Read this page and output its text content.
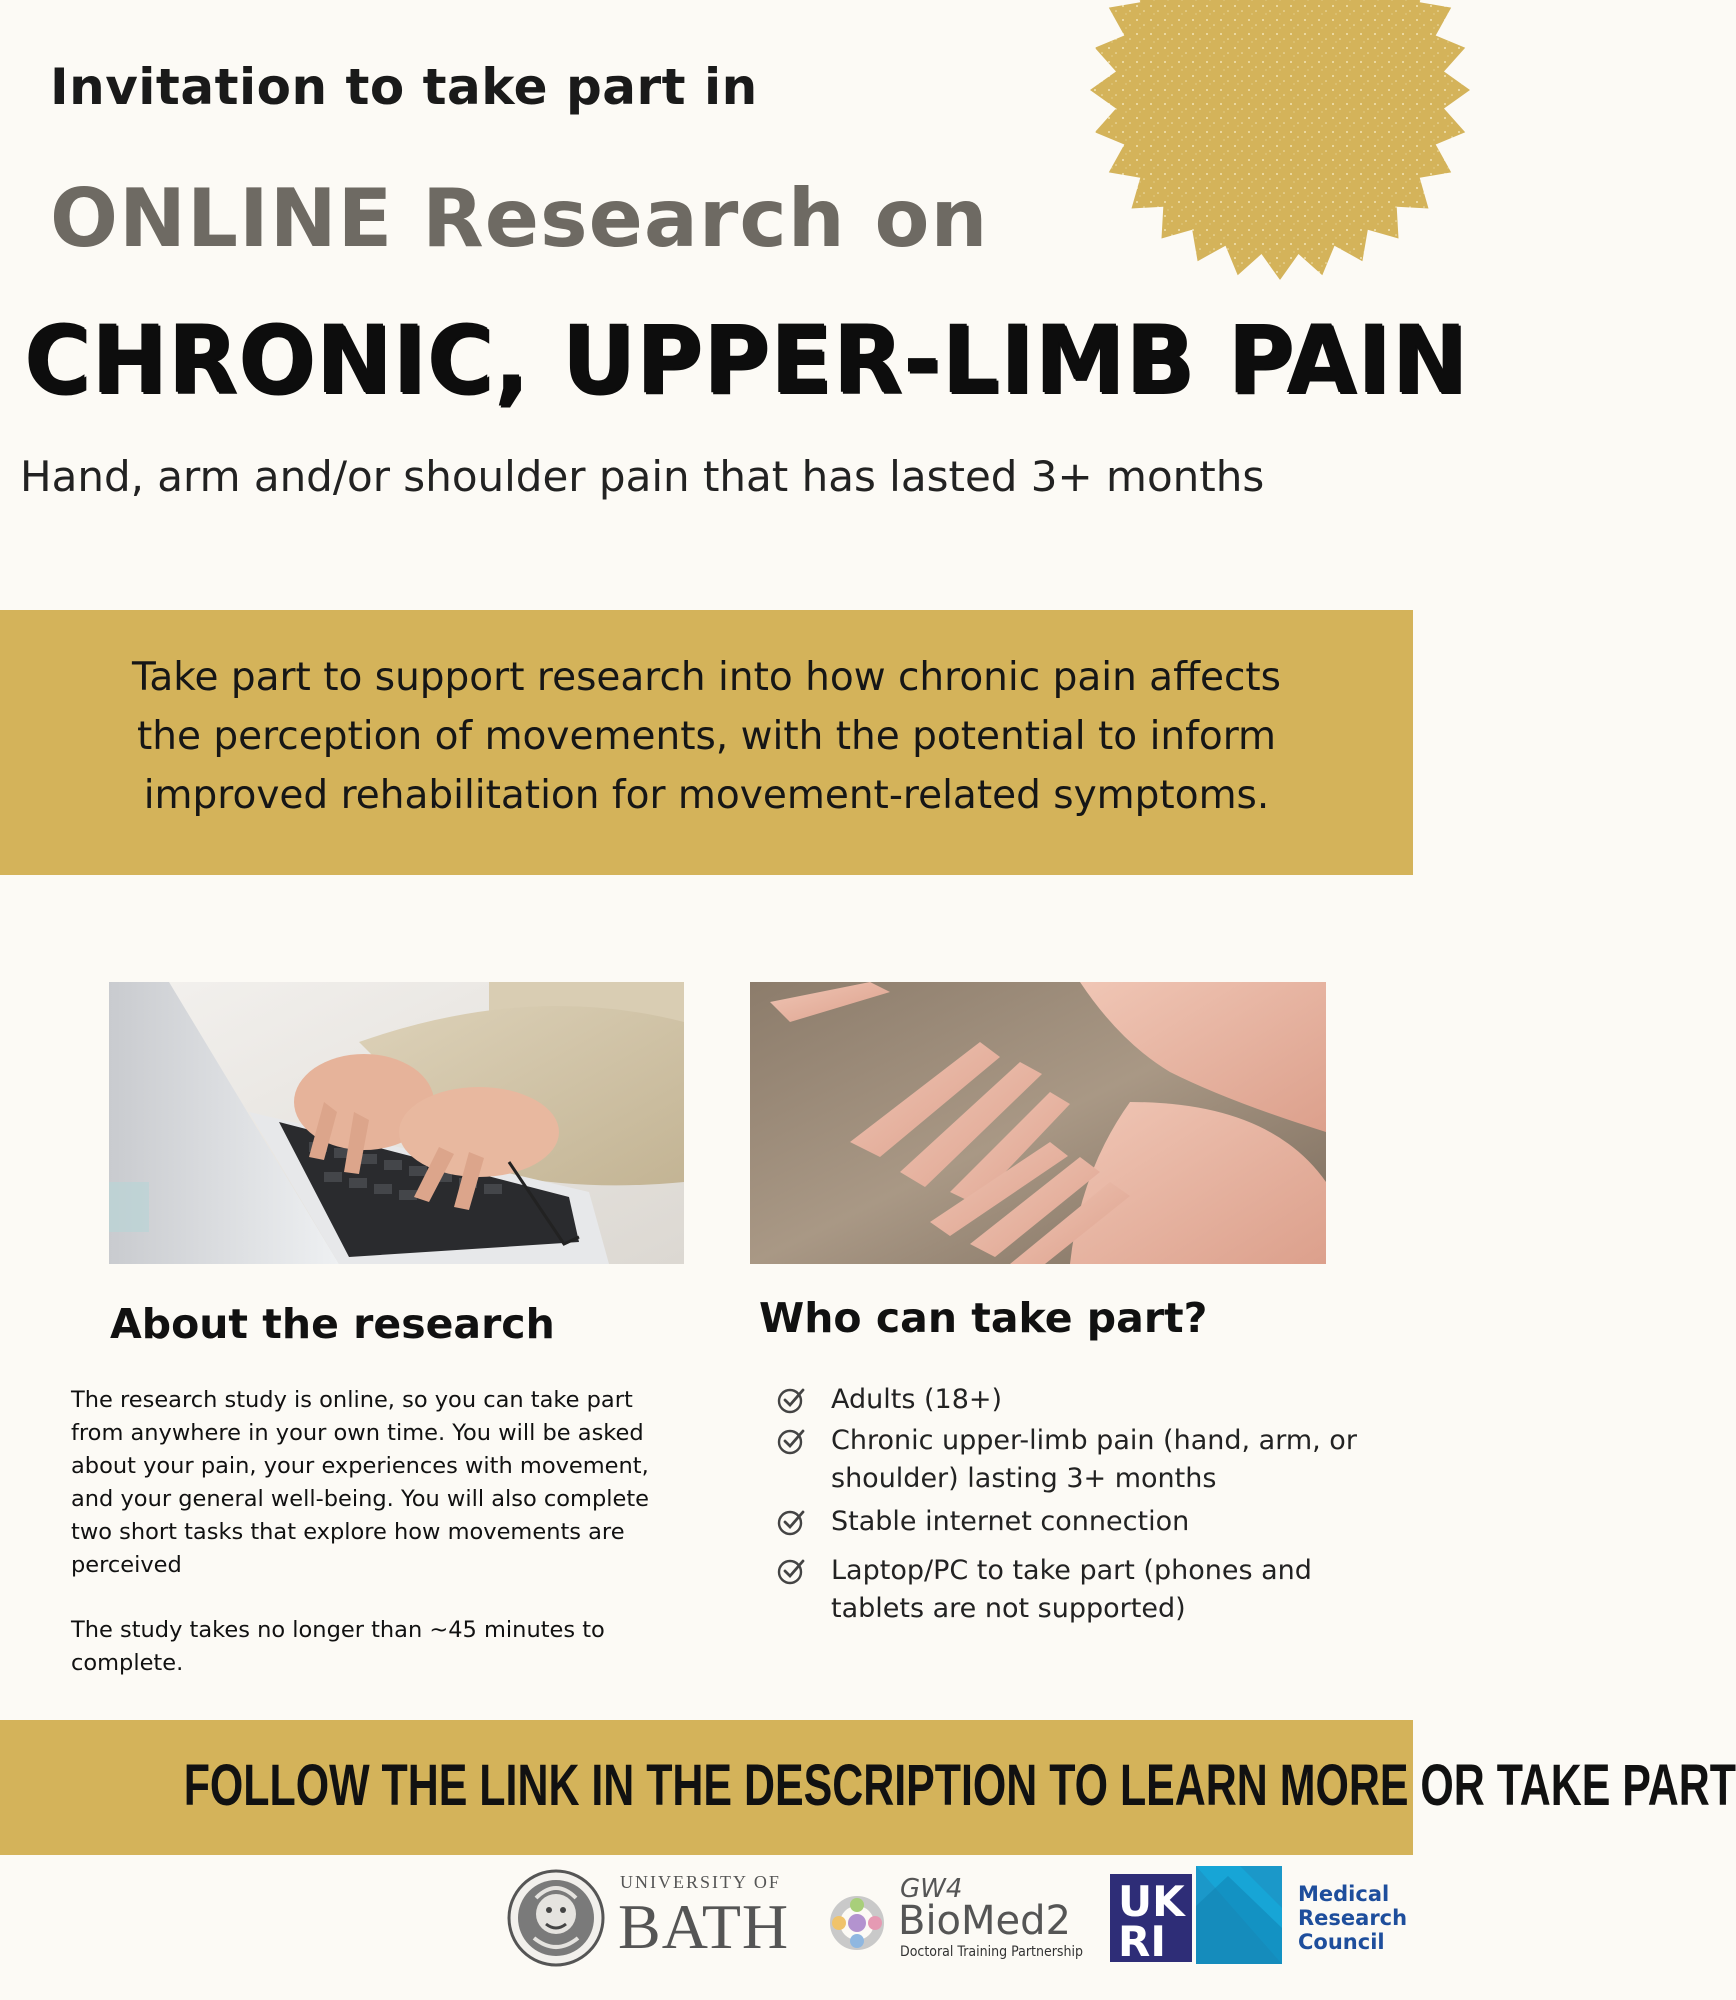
Invitation to take part in
ONLINE Research on
CHRONIC, UPPER-LIMB PAIN
Hand, arm and/or shoulder pain that has lasted 3+ months
Take part to support research into how chronic pain affects
the perception of movements, with the potential to inform
improved rehabilitation for movement-related symptoms.
About the research	Who can take part?
The research study is online, so you can take part from anywhere in your own time. You will be asked about your pain, your experiences with movement, and your general well-being. You will also complete two short tasks that explore how movements are perceived
The study takes no longer than ~45 minutes to complete.
Adults (18+)
Chronic upper-limb pain (hand, arm, or shoulder) lasting 3+ months
Stable internet connection
Laptop/PC to take part (phones and tablets are not supported)
FOLLOW THE LINK IN THE DESCRIPTION TO LEARN MORE OR TAKE PART
UNIVERSITY OF
BATH
GW4
BioMed2
Doctoral Training Partnership
UK
RI
Medical
Research
Council
